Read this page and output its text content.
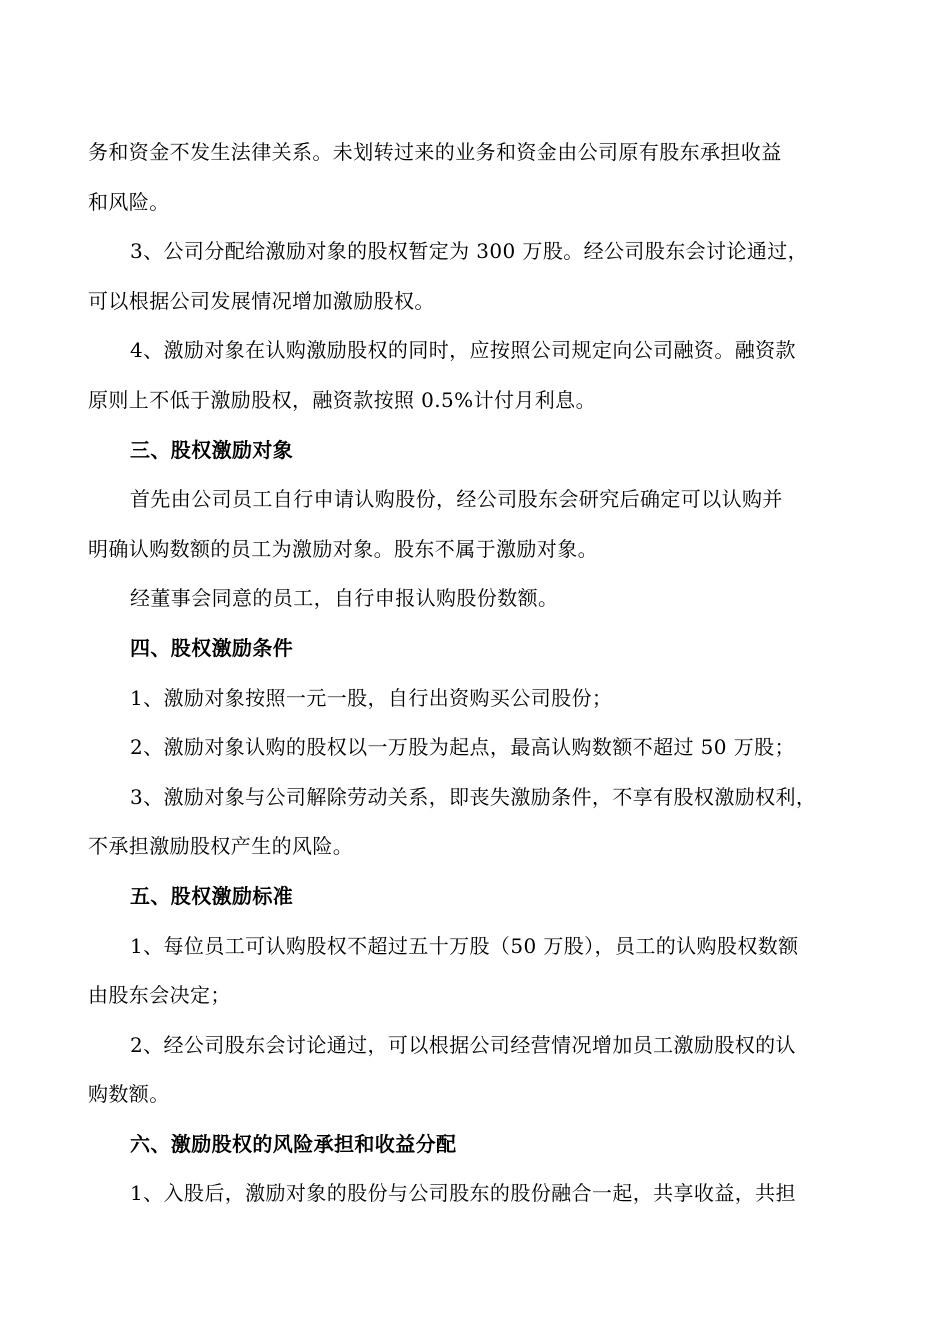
务和资金不发生法律关系。未划转过来的业务和资金由公司原有股东承担收益
和风险。
3、公司分配给激励对象的股权暂定为 300 万股。经公司股东会讨论通过，
可以根据公司发展情况增加激励股权。
4、激励对象在认购激励股权的同时，应按照公司规定向公司融资。融资款
原则上不低于激励股权，融资款按照 0.5%计付月利息。
三、股权激励对象
首先由公司员工自行申请认购股份，经公司股东会研究后确定可以认购并
明确认购数额的员工为激励对象。股东不属于激励对象。
经董事会同意的员工，自行申报认购股份数额。
四、股权激励条件
1、激励对象按照一元一股，自行出资购买公司股份；
2、激励对象认购的股权以一万股为起点，最高认购数额不超过 50 万股；
3、激励对象与公司解除劳动关系，即丧失激励条件，不享有股权激励权利，
不承担激励股权产生的风险。
五、股权激励标准
1、每位员工可认购股权不超过五十万股（50 万股），员工的认购股权数额
由股东会决定；
2、经公司股东会讨论通过，可以根据公司经营情况增加员工激励股权的认
购数额。
六、激励股权的风险承担和收益分配
1、入股后，激励对象的股份与公司股东的股份融合一起，共享收益，共担
